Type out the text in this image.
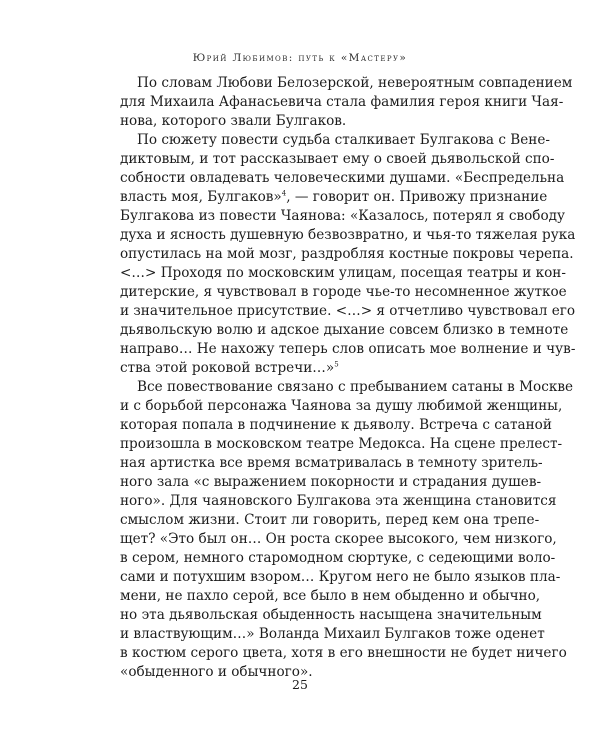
Юрий Любимов: путь к «Мастеру»
По словам Любови Белозерской, невероятным совпадением
для Михаила Афанасьевича стала фамилия героя книги Чая-
нова, которого звали Булгаков.
По сюжету повести судьба сталкивает Булгакова с Вене-
диктовым, и тот рассказывает ему о своей дьявольской спо-
собности овладевать человеческими душами. «Беспредельна
власть моя, Булгаков»$^4$, — говорит он. Привожу признание
Булгакова из повести Чаянова: «Казалось, потерял я свободу
духа и ясность душевную безвозвратно, и чья-то тяжелая рука
опустилась на мой мозг, раздробляя костные покровы черепа.
<…> Проходя по московским улицам, посещая театры и кон-
дитерские, я чувствовал в городе чье-то несомненное жуткое
и значительное присутствие. <…> я отчетливо чувствовал его
дьявольскую волю и адское дыхание совсем близко в темноте
направо… Не нахожу теперь слов описать мое волнение и чув-
ства этой роковой встречи…»$^5$
Все повествование связано с пребыванием сатаны в Москве
и с борьбой персонажа Чаянова за душу любимой женщины,
которая попала в подчинение к дьяволу. Встреча с сатаной
произошла в московском театре Медокса. На сцене прелест-
ная артистка все время всматривалась в темноту зритель-
ного зала «с выражением покорности и страдания душев-
ного». Для чаяновского Булгакова эта женщина становится
смыслом жизни. Стоит ли говорить, перед кем она трепе-
щет? «Это был он… Он роста скорее высокого, чем низкого,
в сером, немного старомодном сюртуке, с седеющими воло-
сами и потухшим взором… Кругом него не было языков пла-
мени, не пахло серой, все было в нем обыденно и обычно,
но эта дьявольская обыденность насыщена значительным
и властвующим…» Воланда Михаил Булгаков тоже оденет
в костюм серого цвета, хотя в его внешности не будет ничего
«обыденного и обычного».
25
